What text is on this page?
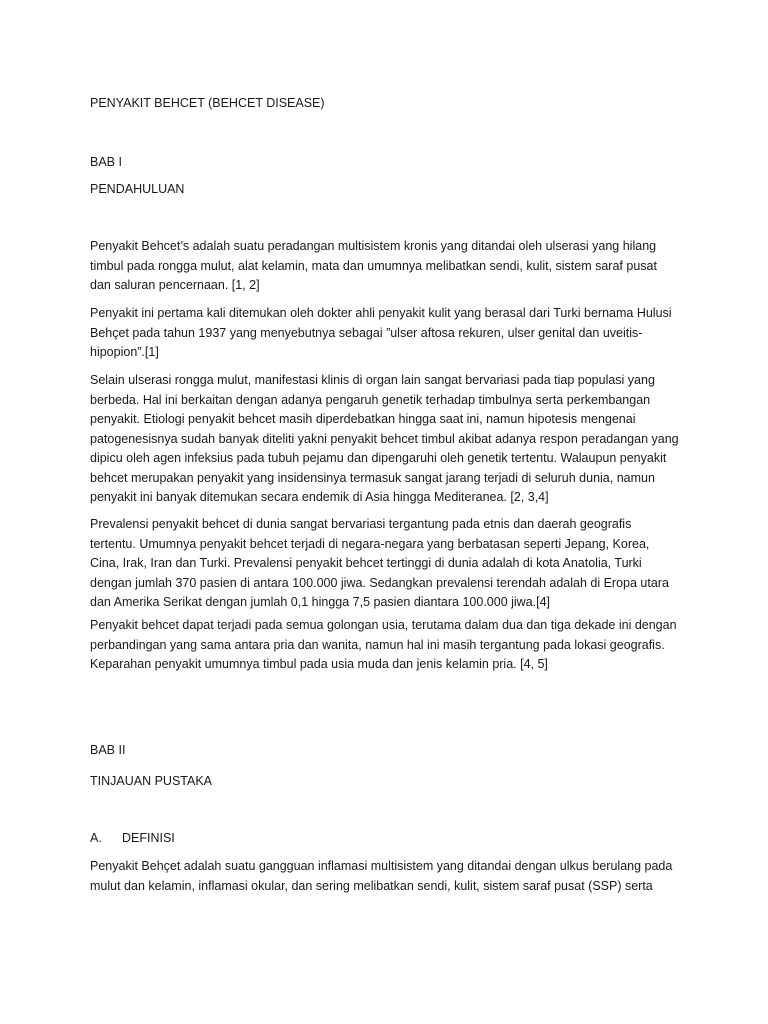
PENYAKIT BEHCET (BEHCET DISEASE)
BAB I
PENDAHULUAN

Penyakit Behcet’s adalah suatu peradangan multisistem kronis yang ditandai oleh ulserasi yang hilang timbul pada rongga mulut, alat kelamin, mata dan umumnya melibatkan sendi, kulit, sistem saraf pusat dan saluran pencernaan. [1, 2]

Penyakit ini pertama kali ditemukan oleh dokter ahli penyakit kulit yang berasal dari Turki bernama Hulusi Behçet pada tahun 1937 yang menyebutnya sebagai ”ulser aftosa rekuren, ulser genital dan uveitis-hipopion”.[1]

Selain ulserasi rongga mulut, manifestasi klinis di organ lain sangat bervariasi pada tiap populasi yang berbeda. Hal ini berkaitan dengan adanya pengaruh genetik terhadap timbulnya serta perkembangan penyakit. Etiologi penyakit behcet masih diperdebatkan hingga saat ini, namun hipotesis mengenai patogenesisnya sudah banyak diteliti yakni penyakit behcet timbul akibat adanya respon peradangan yang dipicu oleh agen infeksius pada tubuh pejamu dan dipengaruhi oleh genetik tertentu. Walaupun penyakit behcet merupakan penyakit yang insidensinya termasuk sangat jarang terjadi di seluruh dunia, namun penyakit ini banyak ditemukan secara endemik di Asia hingga Mediteranea. [2, 3,4]

Prevalensi penyakit behcet di dunia sangat bervariasi tergantung pada etnis dan daerah geografis tertentu. Umumnya penyakit behcet terjadi di negara-negara yang berbatasan seperti Jepang, Korea, Cina, Irak, Iran dan Turki. Prevalensi penyakit behcet tertinggi di dunia adalah di kota Anatolia, Turki dengan jumlah 370 pasien di antara 100.000 jiwa. Sedangkan prevalensi terendah adalah di Eropa utara dan Amerika Serikat dengan jumlah 0,1 hingga 7,5 pasien diantara 100.000 jiwa.[4]

Penyakit behcet dapat terjadi pada semua golongan usia, terutama dalam dua dan tiga dekade ini dengan perbandingan yang sama antara pria dan wanita, namun hal ini masih tergantung pada lokasi geografis. Keparahan penyakit umumnya timbul pada usia muda dan jenis kelamin pria. [4, 5]

BAB II
TINJAUAN PUSTAKA
A. DEFINISI

Penyakit Behçet adalah suatu gangguan inflamasi multisistem yang ditandai dengan ulkus berulang pada mulut dan kelamin, inflamasi okular, dan sering melibatkan sendi, kulit, sistem saraf pusat (SSP) serta
